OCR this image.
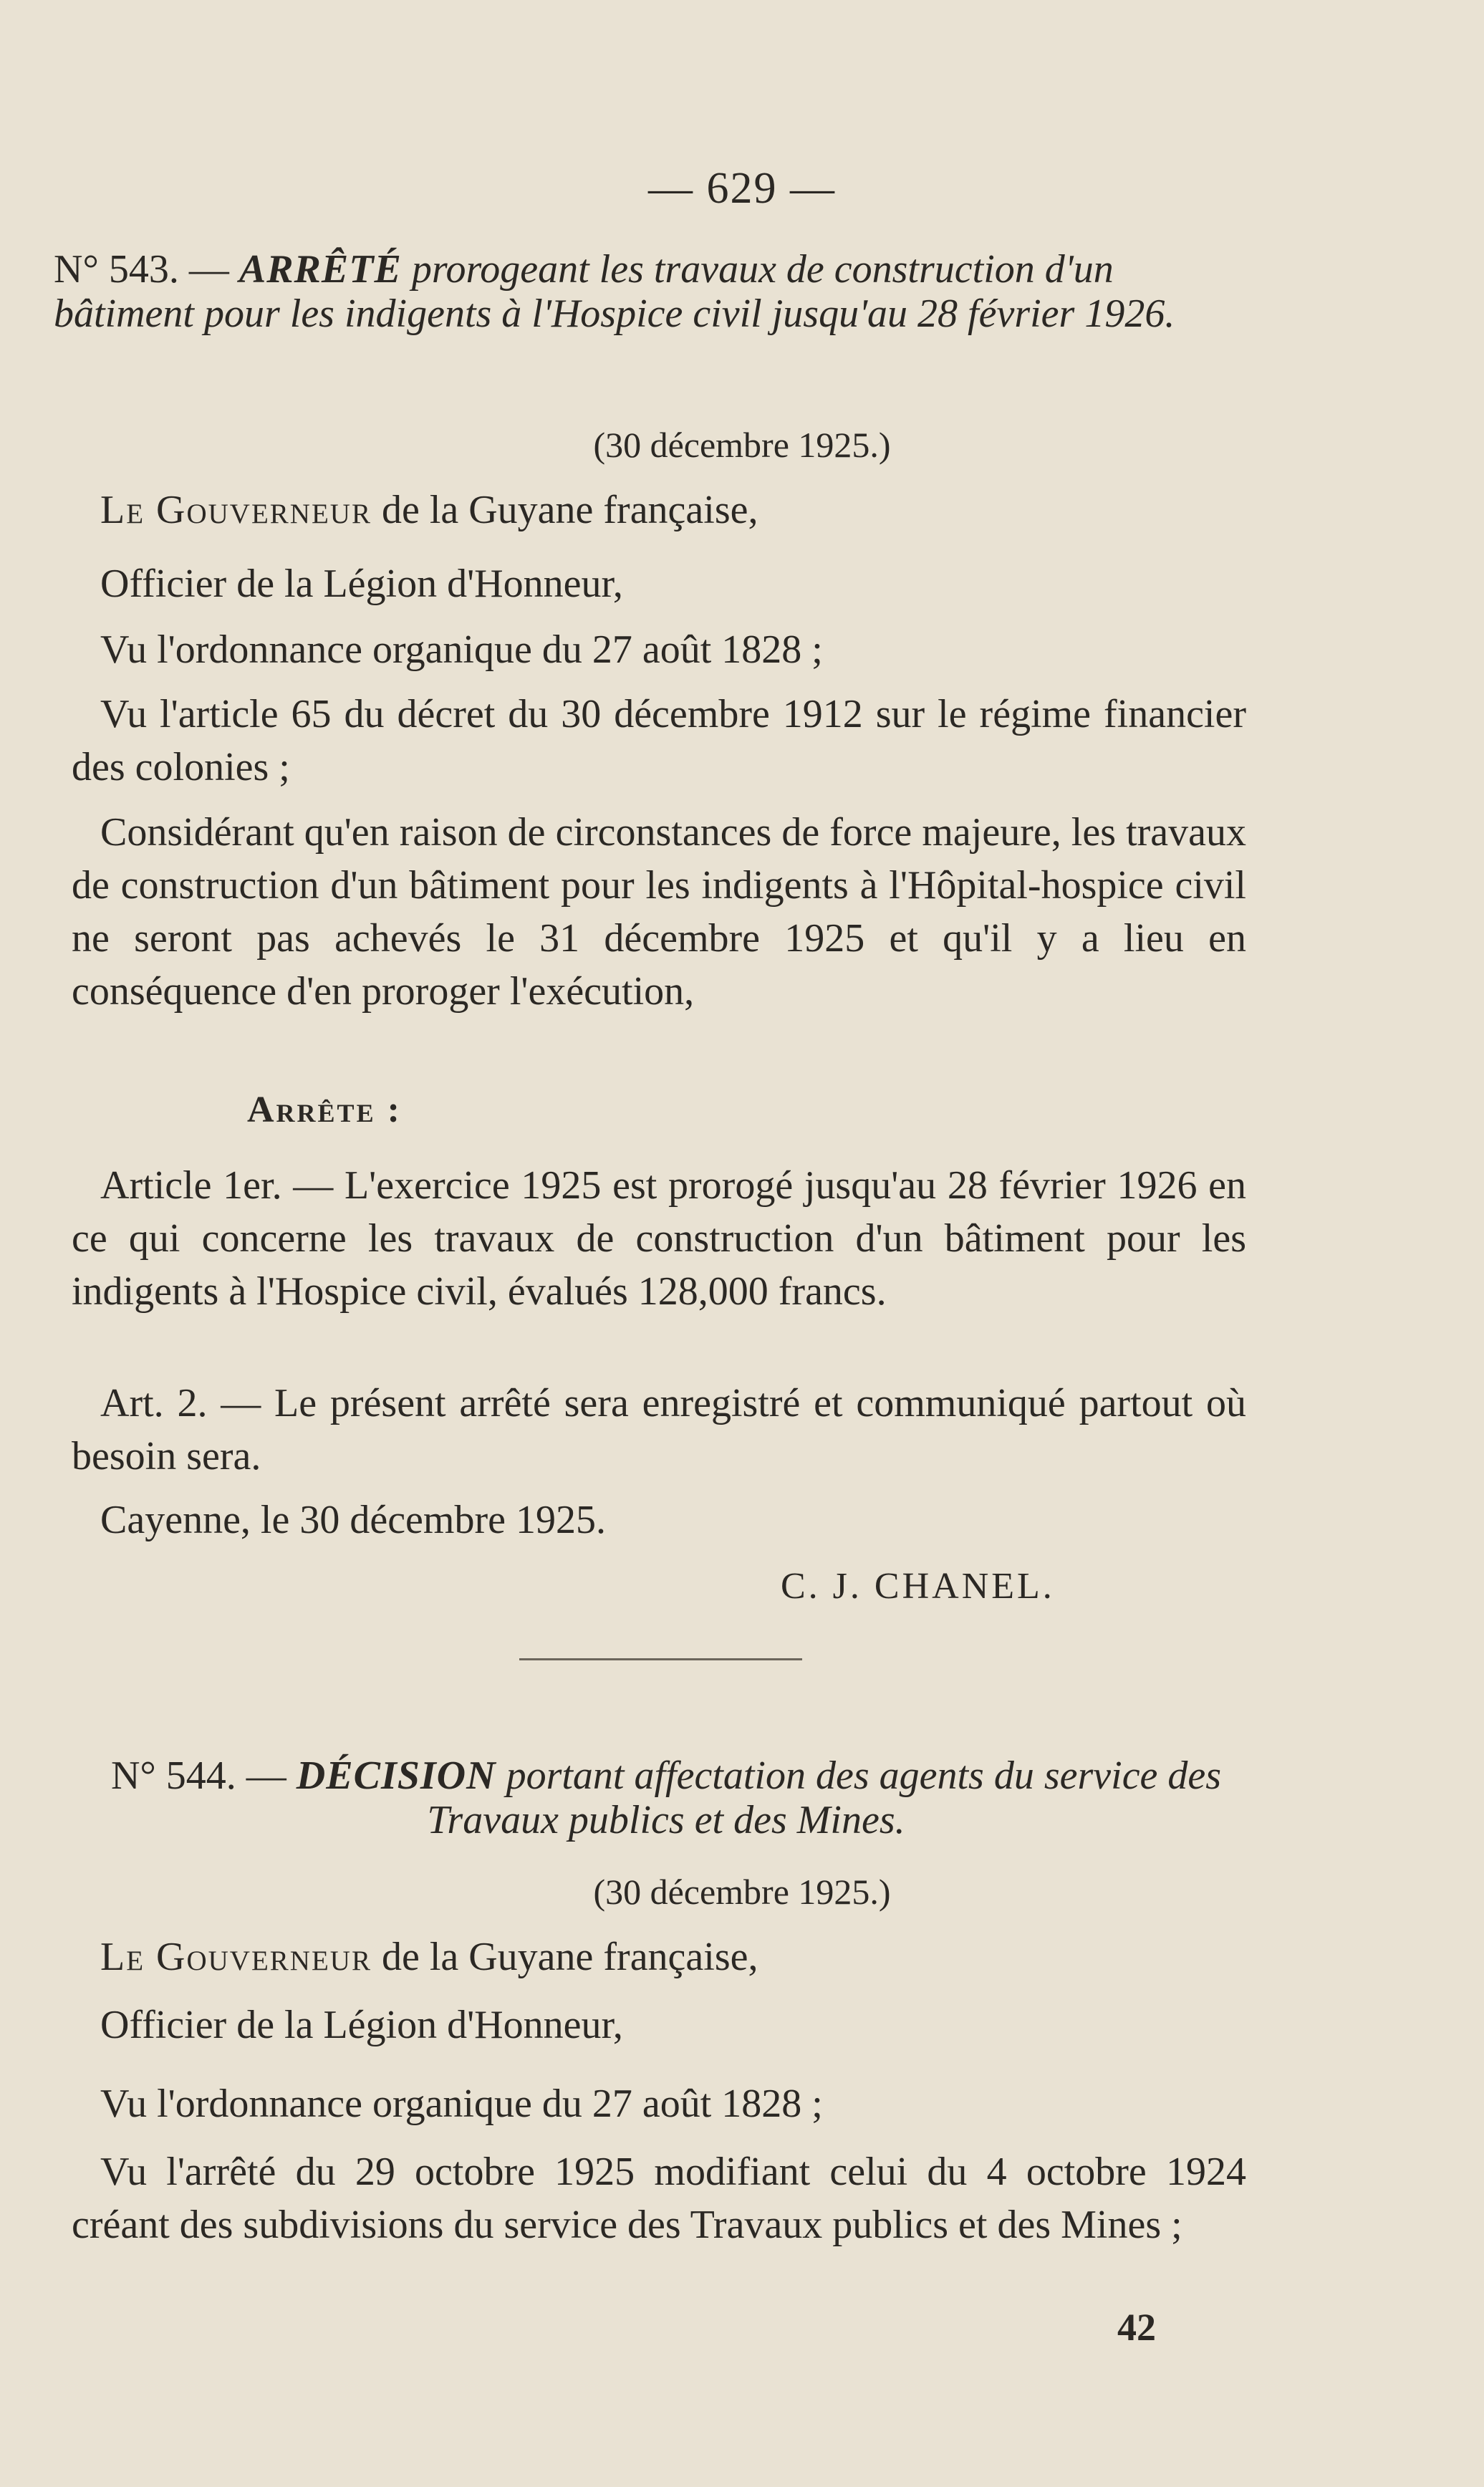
— 629 —
N° 543. — ARRÊTÉ prorogeant les travaux de construction d'un bâtiment pour les indigents à l'Hospice civil jusqu'au 28 février 1926.
(30 décembre 1925.)
Le Gouverneur de la Guyane française,
Officier de la Légion d'Honneur,
Vu l'ordonnance organique du 27 août 1828 ;
Vu l'article 65 du décret du 30 décembre 1912 sur le régime financier des colonies ;
Considérant qu'en raison de circonstances de force majeure, les travaux de construction d'un bâtiment pour les indigents à l'Hôpital-hospice civil ne seront pas achevés le 31 décembre 1925 et qu'il y a lieu en conséquence d'en proroger l'exécution,
Arrête :
Article 1er. — L'exercice 1925 est prorogé jusqu'au 28 février 1926 en ce qui concerne les travaux de construction d'un bâtiment pour les indigents à l'Hospice civil, évalués 128,000 francs.
Art. 2. — Le présent arrêté sera enregistré et communiqué partout où besoin sera.
Cayenne, le 30 décembre 1925.
C. J. CHANEL.
N° 544. — DÉCISION portant affectation des agents du service des Travaux publics et des Mines.
(30 décembre 1925.)
Le Gouverneur de la Guyane française,
Officier de la Légion d'Honneur,
Vu l'ordonnance organique du 27 août 1828 ;
Vu l'arrêté du 29 octobre 1925 modifiant celui du 4 octobre 1924 créant des subdivisions du service des Travaux publics et des Mines ;
42
